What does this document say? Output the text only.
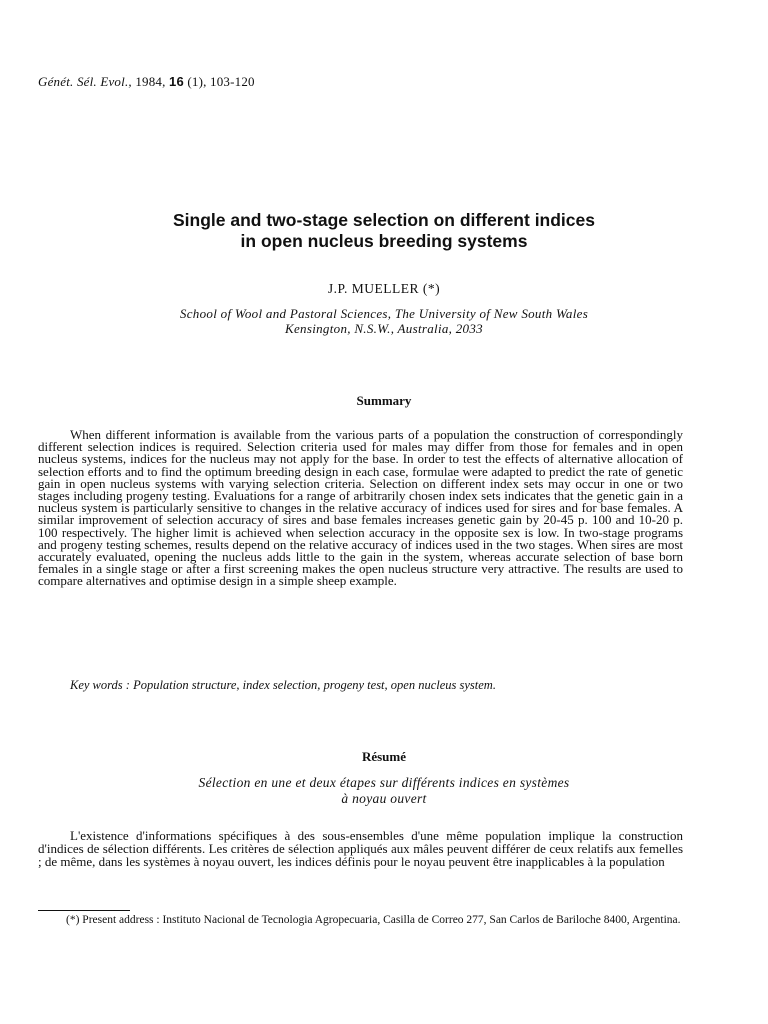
Génét. Sél. Evol., 1984, 16 (1), 103-120
Single and two-stage selection on different indices
in open nucleus breeding systems
J.P. MUELLER (*)
School of Wool and Pastoral Sciences, The University of New South Wales
Kensington, N.S.W., Australia, 2033
Summary

When different information is available from the various parts of a population the construction of correspondingly different selection indices is required. Selection criteria used for males may differ from those for females and in open nucleus systems, indices for the nucleus may not apply for the base. In order to test the effects of alternative allocation of selection efforts and to find the optimum breeding design in each case, formulae were adapted to predict the rate of genetic gain in open nucleus systems with varying selection criteria. Selection on different index sets may occur in one or two stages including progeny testing. Evaluations for a range of arbitrarily chosen index sets indicates that the genetic gain in a nucleus system is particularly sensitive to changes in the relative accuracy of indices used for sires and for base females. A similar improvement of selection accuracy of sires and base females increases genetic gain by 20-45 p. 100 and 10-20 p. 100 respectively. The higher limit is achieved when selection accuracy in the opposite sex is low. In two-stage programs and progeny testing schemes, results depend on the relative accuracy of indices used in the two stages. When sires are most accurately evaluated, opening the nucleus adds little to the gain in the system, whereas accurate selection of base born females in a single stage or after a first screening makes the open nucleus structure very attractive. The results are used to compare alternatives and optimise design in a simple sheep example.

Key words : Population structure, index selection, progeny test, open nucleus system.

Résumé
Sélection en une et deux étapes sur différents indices en systèmes
à noyau ouvert

L'existence d'informations spécifiques à des sous-ensembles d'une même population implique la construction d'indices de sélection différents. Les critères de sélection appliqués aux mâles peuvent différer de ceux relatifs aux femelles ; de même, dans les systèmes à noyau ouvert, les indices définis pour le noyau peuvent être inapplicables à la population

(*) Present address : Instituto Nacional de Tecnologia Agropecuaria, Casilla de Correo 277, San Carlos de Bariloche 8400, Argentina.
